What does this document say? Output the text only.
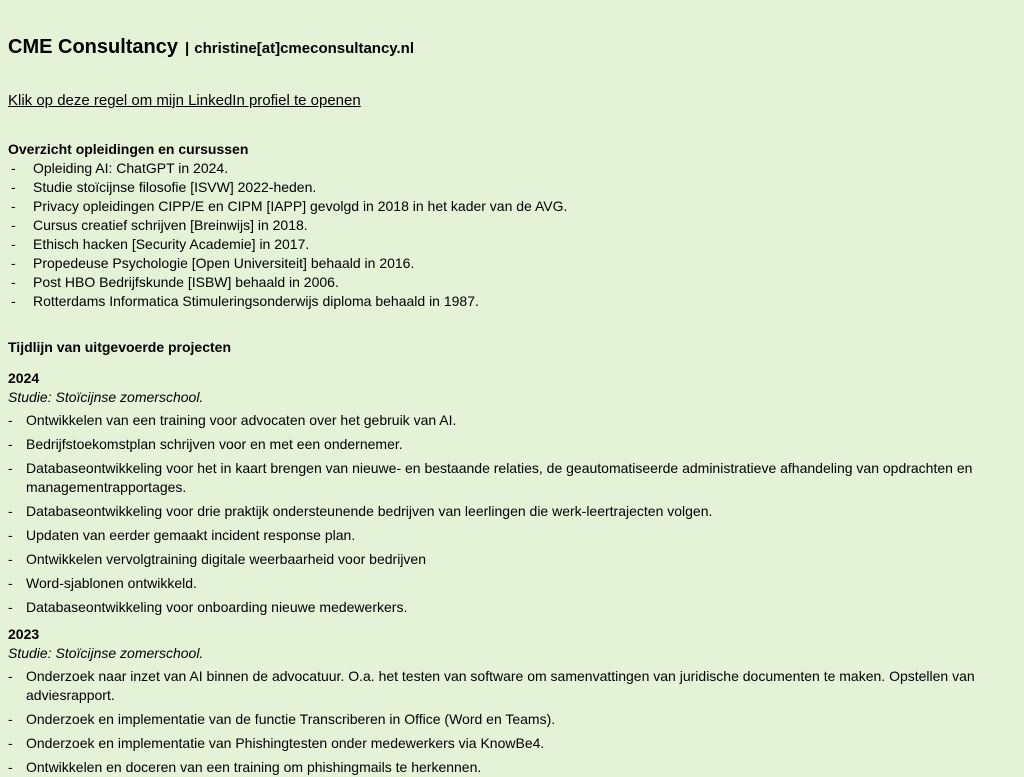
CME Consultancy | christine[at]cmeconsultancy.nl

Klik op deze regel om mijn LinkedIn profiel te openen

Overzicht opleidingen en cursussen

-	Opleiding AI: ChatGPT in 2024.
-	Studie stoïcijnse filosofie [ISVW] 2022-heden.
-	Privacy opleidingen CIPP/E en CIPM [IAPP] gevolgd in 2018 in het kader van de AVG.
-	Cursus creatief schrijven [Breinwijs] in 2018.
-	Ethisch hacken [Security Academie] in 2017.
-	Propedeuse Psychologie [Open Universiteit] behaald in 2016.
-	Post HBO Bedrijfskunde [ISBW] behaald in 2006.
-	Rotterdams Informatica Stimuleringsonderwijs diploma behaald in 1987.

Tijdlijn van uitgevoerde projecten

2024
Studie: Stoïcijnse zomerschool.
- Ontwikkelen van een training voor advocaten over het gebruik van AI.
- Bedrijfstoekomstplan schrijven voor en met een ondernemer.
- Databaseontwikkeling voor het in kaart brengen van nieuwe- en bestaande relaties, de geautomatiseerde administratieve afhandeling van opdrachten en managementrapportages.
- Databaseontwikkeling voor drie praktijk ondersteunende bedrijven van leerlingen die werk-leertrajecten volgen.
- Updaten van eerder gemaakt incident response plan.
- Ontwikkelen vervolgtraining digitale weerbaarheid voor bedrijven
- Word-sjablonen ontwikkeld.
- Databaseontwikkeling voor onboarding nieuwe medewerkers.
2023
Studie: Stoïcijnse zomerschool.
- Onderzoek naar inzet van AI binnen de advocatuur. O.a. het testen van software om samenvattingen van juridische documenten te maken. Opstellen van adviesrapport.
- Onderzoek en implementatie van de functie Transcriberen in Office (Word en Teams).
- Onderzoek en implementatie van Phishingtesten onder medewerkers via KnowBe4.
- Ontwikkelen en doceren van een training om phishingmails te herkennen.
